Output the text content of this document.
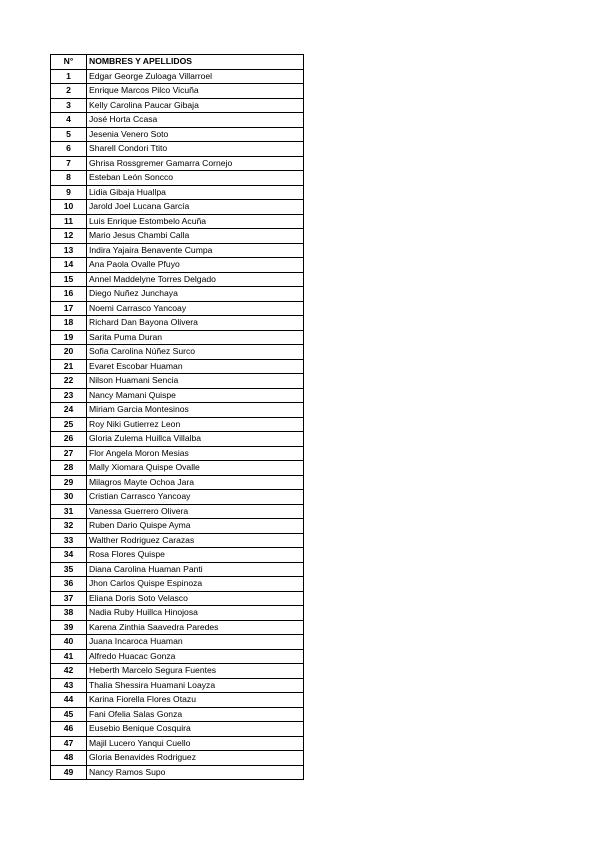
N°	NOMBRES Y APELLIDOS
1	Edgar George Zuloaga Villarroel
2	Enrique Marcos Pilco Vicuña
3	Kelly Carolina Paucar Gibaja
4	José Horta Ccasa
5	Jesenia Venero Soto
6	Sharell Condori Ttito
7	Ghrisa Rossgremer Gamarra Cornejo
8	Esteban León Soncco
9	Lidia Gibaja Huallpa
10	Jarold Joel Lucana García
11	Luis Enrique Estombelo Acuña
12	Mario Jesus Chambi Calla
13	Indira Yajaira Benavente Cumpa
14	Ana Paola Ovalle Pfuyo
15	Annel Maddelyne Torres Delgado
16	Diego Nuñez Junchaya
17	Noemi Carrasco Yancoay
18	Richard Dan Bayona Olivera
19	Sarita Puma Duran
20	Sofia Carolina Núñez Surco
21	Evaret Escobar Huaman
22	Nilson Huamani Sencia
23	Nancy Mamani Quispe
24	Miriam Garcia Montesinos
25	Roy Niki Gutierrez Leon
26	Gloria Zulema Huillca Villalba
27	Flor Angela Moron Mesias
28	Mally Xiomara Quispe Ovalle
29	Milagros Mayte Ochoa Jara
30	Cristian Carrasco Yancoay
31	Vanessa Guerrero Olivera
32	Ruben Dario Quispe Ayma
33	Walther Rodriguez Carazas
34	Rosa Flores Quispe
35	Diana Carolina Huaman Panti
36	Jhon Carlos Quispe Espinoza
37	Eliana Doris Soto Velasco
38	Nadia Ruby Huillca Hinojosa
39	Karena Zinthia Saavedra Paredes
40	Juana Incaroca Huaman
41	Alfredo Huacac Gonza
42	Heberth Marcelo Segura Fuentes
43	Thalia Shessira Huamani Loayza
44	Karina Fiorella Flores Otazu
45	Fani Ofelia Salas Gonza
46	Eusebio Benique Cosquira
47	Majil Lucero Yanqui Cuello
48	Gloria Benavides Rodriguez
49	Nancy Ramos Supo
